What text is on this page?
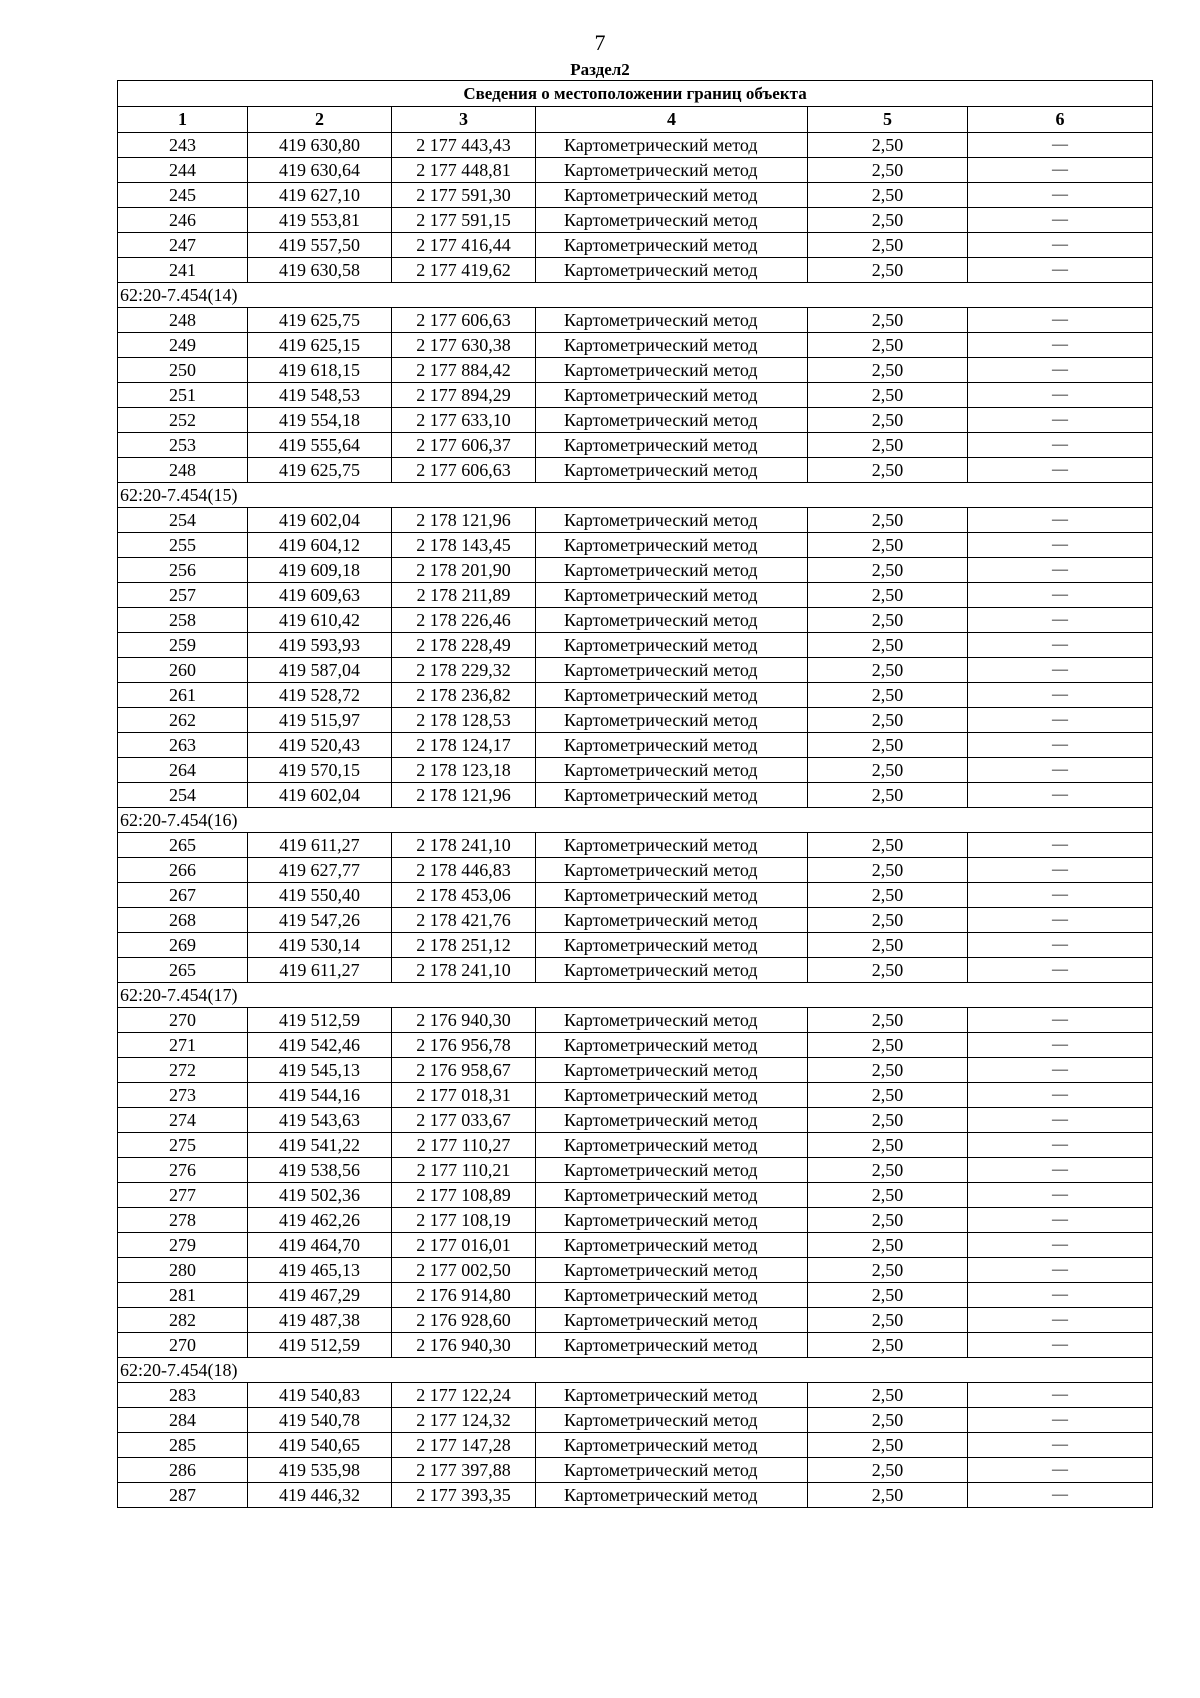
7
Раздел2
Сведения о местоположении границ объекта					
1	2	3	4	5	6
243	419 630,80	2 177 443,43	Картометрический метод	2,50	—
244	419 630,64	2 177 448,81	Картометрический метод	2,50	—
245	419 627,10	2 177 591,30	Картометрический метод	2,50	—
246	419 553,81	2 177 591,15	Картометрический метод	2,50	—
247	419 557,50	2 177 416,44	Картометрический метод	2,50	—
241	419 630,58	2 177 419,62	Картометрический метод	2,50	—
62:20-7.454(14)					
248	419 625,75	2 177 606,63	Картометрический метод	2,50	—
249	419 625,15	2 177 630,38	Картометрический метод	2,50	—
250	419 618,15	2 177 884,42	Картометрический метод	2,50	—
251	419 548,53	2 177 894,29	Картометрический метод	2,50	—
252	419 554,18	2 177 633,10	Картометрический метод	2,50	—
253	419 555,64	2 177 606,37	Картометрический метод	2,50	—
248	419 625,75	2 177 606,63	Картометрический метод	2,50	—
62:20-7.454(15)					
254	419 602,04	2 178 121,96	Картометрический метод	2,50	—
255	419 604,12	2 178 143,45	Картометрический метод	2,50	—
256	419 609,18	2 178 201,90	Картометрический метод	2,50	—
257	419 609,63	2 178 211,89	Картометрический метод	2,50	—
258	419 610,42	2 178 226,46	Картометрический метод	2,50	—
259	419 593,93	2 178 228,49	Картометрический метод	2,50	—
260	419 587,04	2 178 229,32	Картометрический метод	2,50	—
261	419 528,72	2 178 236,82	Картометрический метод	2,50	—
262	419 515,97	2 178 128,53	Картометрический метод	2,50	—
263	419 520,43	2 178 124,17	Картометрический метод	2,50	—
264	419 570,15	2 178 123,18	Картометрический метод	2,50	—
254	419 602,04	2 178 121,96	Картометрический метод	2,50	—
62:20-7.454(16)					
265	419 611,27	2 178 241,10	Картометрический метод	2,50	—
266	419 627,77	2 178 446,83	Картометрический метод	2,50	—
267	419 550,40	2 178 453,06	Картометрический метод	2,50	—
268	419 547,26	2 178 421,76	Картометрический метод	2,50	—
269	419 530,14	2 178 251,12	Картометрический метод	2,50	—
265	419 611,27	2 178 241,10	Картометрический метод	2,50	—
62:20-7.454(17)					
270	419 512,59	2 176 940,30	Картометрический метод	2,50	—
271	419 542,46	2 176 956,78	Картометрический метод	2,50	—
272	419 545,13	2 176 958,67	Картометрический метод	2,50	—
273	419 544,16	2 177 018,31	Картометрический метод	2,50	—
274	419 543,63	2 177 033,67	Картометрический метод	2,50	—
275	419 541,22	2 177 110,27	Картометрический метод	2,50	—
276	419 538,56	2 177 110,21	Картометрический метод	2,50	—
277	419 502,36	2 177 108,89	Картометрический метод	2,50	—
278	419 462,26	2 177 108,19	Картометрический метод	2,50	—
279	419 464,70	2 177 016,01	Картометрический метод	2,50	—
280	419 465,13	2 177 002,50	Картометрический метод	2,50	—
281	419 467,29	2 176 914,80	Картометрический метод	2,50	—
282	419 487,38	2 176 928,60	Картометрический метод	2,50	—
270	419 512,59	2 176 940,30	Картометрический метод	2,50	—
62:20-7.454(18)					
283	419 540,83	2 177 122,24	Картометрический метод	2,50	—
284	419 540,78	2 177 124,32	Картометрический метод	2,50	—
285	419 540,65	2 177 147,28	Картометрический метод	2,50	—
286	419 535,98	2 177 397,88	Картометрический метод	2,50	—
287	419 446,32	2 177 393,35	Картометрический метод	2,50	—
